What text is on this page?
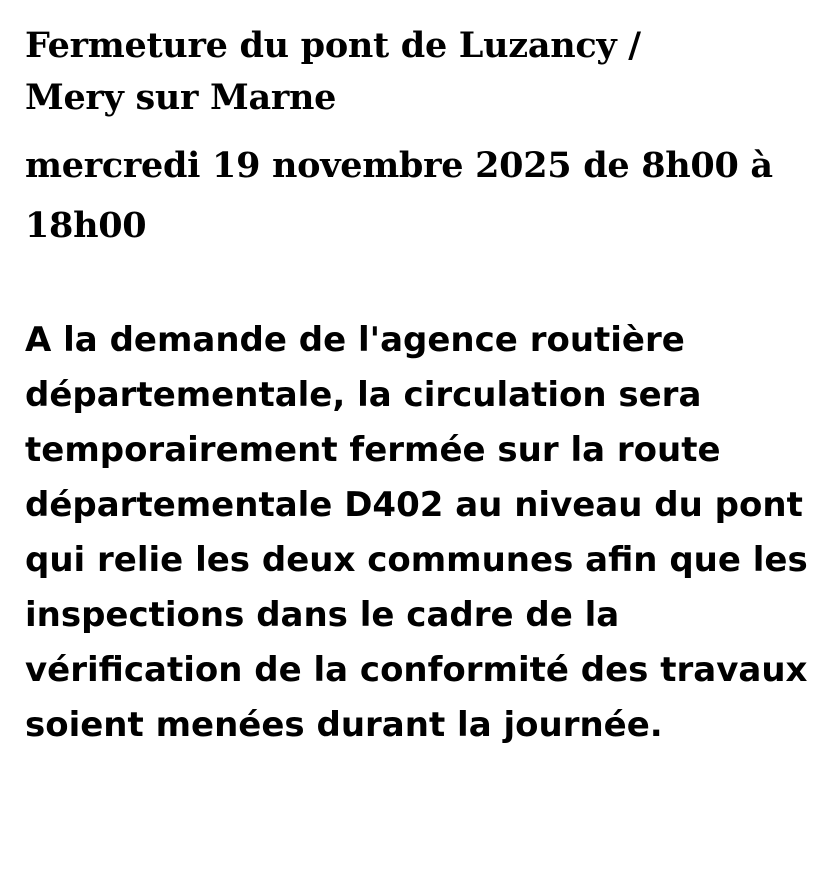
Fermeture du pont de Luzancy /
Mery sur Marne

mercredi 19 novembre 2025 de 8h00 à 18h00

A la demande de l'agence routière départementale, la circulation sera temporairement fermée sur la route départementale D402 au niveau du pont qui relie les deux communes afin que les inspections dans le cadre de la vérification de la conformité des travaux soient menées durant la journée.
